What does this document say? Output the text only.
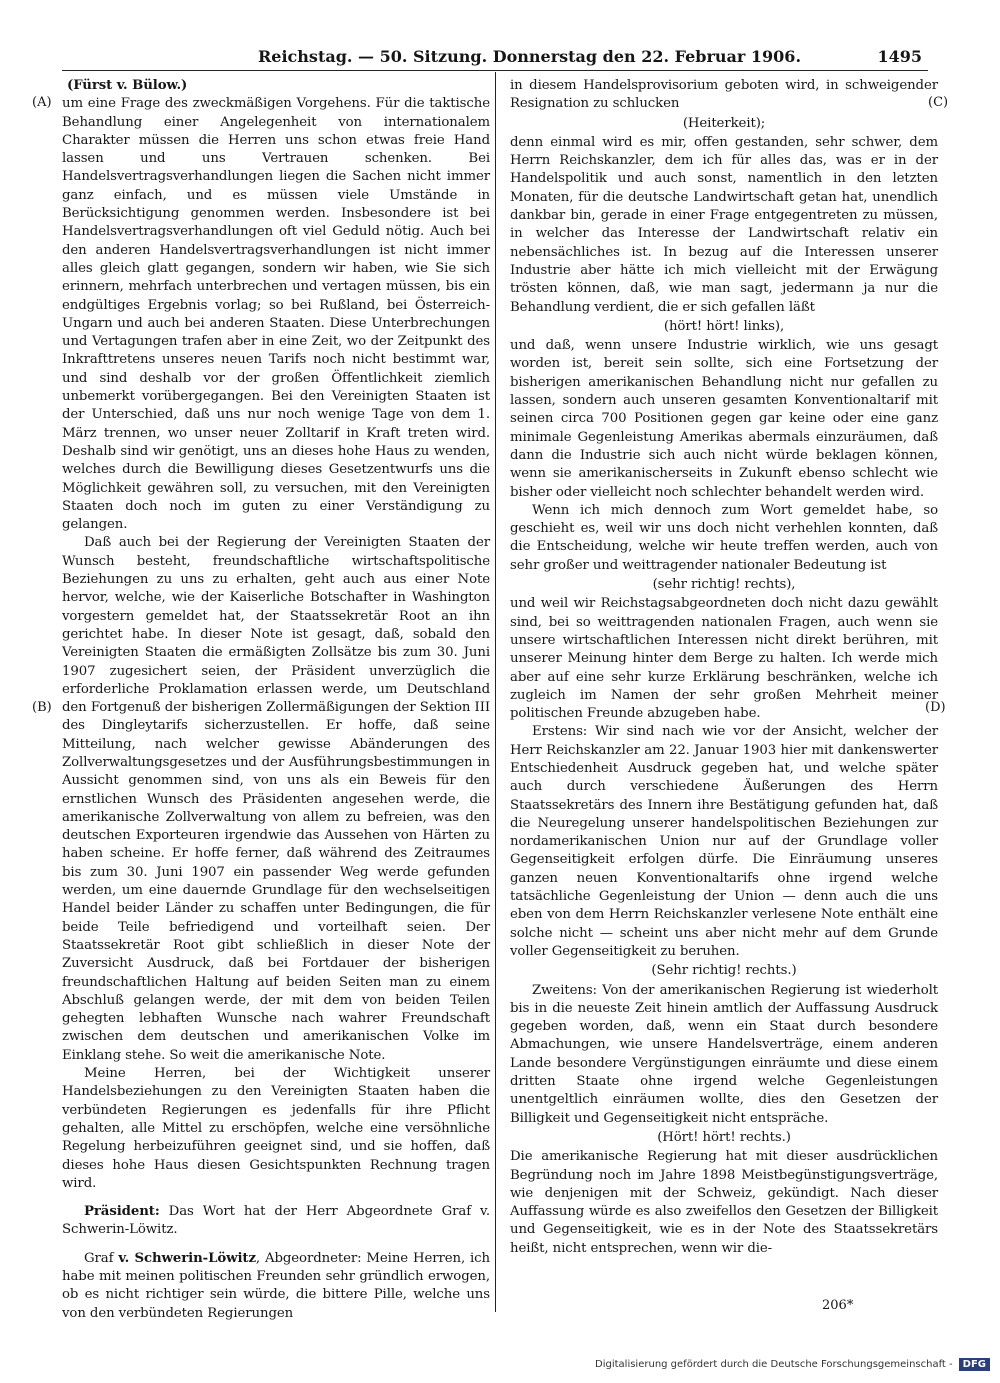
Reichstag. — 50. Sitzung. Donnerstag den 22. Februar 1906.	1495
(A)
(B)
(C)
(D)

(Fürst v. Bülow.)

um eine Frage des zweckmäßigen Vorgehens. Für die taktische Behandlung einer Angelegenheit von internationalem Charakter müssen die Herren uns schon etwas freie Hand lassen und uns Vertrauen schenken. Bei Handelsvertragsverhandlungen liegen die Sachen nicht immer ganz einfach, und es müssen viele Umstände in Berücksichtigung genommen werden. Insbesondere ist bei Handelsvertragsverhandlungen oft viel Geduld nötig. Auch bei den anderen Handelsvertragsverhandlungen ist nicht immer alles gleich glatt gegangen, sondern wir haben, wie Sie sich erinnern, mehrfach unterbrechen und vertagen müssen, bis ein endgültiges Ergebnis vorlag; so bei Rußland, bei Österreich-Ungarn und auch bei anderen Staaten. Diese Unterbrechungen und Vertagungen trafen aber in eine Zeit, wo der Zeitpunkt des Inkrafttretens unseres neuen Tarifs noch nicht bestimmt war, und sind deshalb vor der großen Öffentlichkeit ziemlich unbemerkt vorübergegangen. Bei den Vereinigten Staaten ist der Unterschied, daß uns nur noch wenige Tage von dem 1. März trennen, wo unser neuer Zolltarif in Kraft treten wird. Deshalb sind wir genötigt, uns an dieses hohe Haus zu wenden, welches durch die Bewilligung dieses Gesetzentwurfs uns die Möglichkeit gewähren soll, zu versuchen, mit den Vereinigten Staaten doch noch im guten zu einer Verständigung zu gelangen.

Daß auch bei der Regierung der Vereinigten Staaten der Wunsch besteht, freundschaftliche wirtschaftspolitische Beziehungen zu uns zu erhalten, geht auch aus einer Note hervor, welche, wie der Kaiserliche Botschafter in Washington vorgestern gemeldet hat, der Staatssekretär Root an ihn gerichtet habe. In dieser Note ist gesagt, daß, sobald den Vereinigten Staaten die ermäßigten Zollsätze bis zum 30. Juni 1907 zugesichert seien, der Präsident unverzüglich die erforderliche Proklamation erlassen werde, um Deutschland den Fortgenuß der bisherigen Zollermäßigungen der Sektion III des Dingleytarifs sicherzustellen. Er hoffe, daß seine Mitteilung, nach welcher gewisse Abänderungen des Zollverwaltungsgesetzes und der Ausführungsbestimmungen in Aussicht genommen sind, von uns als ein Beweis für den ernstlichen Wunsch des Präsidenten angesehen werde, die amerikanische Zollverwaltung von allem zu befreien, was den deutschen Exporteuren irgendwie das Aussehen von Härten zu haben scheine. Er hoffe ferner, daß während des Zeitraumes bis zum 30. Juni 1907 ein passender Weg werde gefunden werden, um eine dauernde Grundlage für den wechselseitigen Handel beider Länder zu schaffen unter Bedingungen, die für beide Teile befriedigend und vorteilhaft seien. Der Staatssekretär Root gibt schließlich in dieser Note der Zuversicht Ausdruck, daß bei Fortdauer der bisherigen freundschaftlichen Haltung auf beiden Seiten man zu einem Abschluß gelangen werde, der mit dem von beiden Teilen gehegten lebhaften Wunsche nach wahrer Freundschaft zwischen dem deutschen und amerikanischen Volke im Einklang stehe. So weit die amerikanische Note.

Meine Herren, bei der Wichtigkeit unserer Handelsbeziehungen zu den Vereinigten Staaten haben die verbündeten Regierungen es jedenfalls für ihre Pflicht gehalten, alle Mittel zu erschöpfen, welche eine versöhnliche Regelung herbeizuführen geeignet sind, und sie hoffen, daß dieses hohe Haus diesen Gesichtspunkten Rechnung tragen wird.

Präsident: Das Wort hat der Herr Abgeordnete Graf v. Schwerin-Löwitz.

Graf v. Schwerin-Löwitz, Abgeordneter: Meine Herren, ich habe mit meinen politischen Freunden sehr gründlich erwogen, ob es nicht richtiger sein würde, die bittere Pille, welche uns von den verbündeten Regierungen

in diesem Handelsprovisorium geboten wird, in schweigender Resignation zu schlucken

(Heiterkeit);

denn einmal wird es mir, offen gestanden, sehr schwer, dem Herrn Reichskanzler, dem ich für alles das, was er in der Handelspolitik und auch sonst, namentlich in den letzten Monaten, für die deutsche Landwirtschaft getan hat, unendlich dankbar bin, gerade in einer Frage entgegentreten zu müssen, in welcher das Interesse der Landwirtschaft relativ ein nebensächliches ist. In bezug auf die Interessen unserer Industrie aber hätte ich mich vielleicht mit der Erwägung trösten können, daß, wie man sagt, jedermann ja nur die Behandlung verdient, die er sich gefallen läßt

(hört! hört! links),

und daß, wenn unsere Industrie wirklich, wie uns gesagt worden ist, bereit sein sollte, sich eine Fortsetzung der bisherigen amerikanischen Behandlung nicht nur gefallen zu lassen, sondern auch unseren gesamten Konventionaltarif mit seinen circa 700 Positionen gegen gar keine oder eine ganz minimale Gegenleistung Amerikas abermals einzuräumen, daß dann die Industrie sich auch nicht würde beklagen können, wenn sie amerikanischerseits in Zukunft ebenso schlecht wie bisher oder vielleicht noch schlechter behandelt werden wird.

Wenn ich mich dennoch zum Wort gemeldet habe, so geschieht es, weil wir uns doch nicht verhehlen konnten, daß die Entscheidung, welche wir heute treffen werden, auch von sehr großer und weittragender nationaler Bedeutung ist

(sehr richtig! rechts),

und weil wir Reichstagsabgeordneten doch nicht dazu gewählt sind, bei so weittragenden nationalen Fragen, auch wenn sie unsere wirtschaftlichen Interessen nicht direkt berühren, mit unserer Meinung hinter dem Berge zu halten. Ich werde mich aber auf eine sehr kurze Erklärung beschränken, welche ich zugleich im Namen der sehr großen Mehrheit meiner politischen Freunde abzugeben habe.

Erstens: Wir sind nach wie vor der Ansicht, welcher der Herr Reichskanzler am 22. Januar 1903 hier mit dankenswerter Entschiedenheit Ausdruck gegeben hat, und welche später auch durch verschiedene Äußerungen des Herrn Staatssekretärs des Innern ihre Bestätigung gefunden hat, daß die Neuregelung unserer handelspolitischen Beziehungen zur nordamerikanischen Union nur auf der Grundlage voller Gegenseitigkeit erfolgen dürfe. Die Einräumung unseres ganzen neuen Konventionaltarifs ohne irgend welche tatsächliche Gegenleistung der Union — denn auch die uns eben von dem Herrn Reichskanzler verlesene Note enthält eine solche nicht — scheint uns aber nicht mehr auf dem Grunde voller Gegenseitigkeit zu beruhen.

(Sehr richtig! rechts.)

Zweitens: Von der amerikanischen Regierung ist wiederholt bis in die neueste Zeit hinein amtlich der Auffassung Ausdruck gegeben worden, daß, wenn ein Staat durch besondere Abmachungen, wie unsere Handelsverträge, einem anderen Lande besondere Vergünstigungen einräumte und diese einem dritten Staate ohne irgend welche Gegenleistungen unentgeltlich einräumen wollte, dies den Gesetzen der Billigkeit und Gegenseitigkeit nicht entspräche.

(Hört! hört! rechts.)

Die amerikanische Regierung hat mit dieser ausdrücklichen Begründung noch im Jahre 1898 Meistbegünstigungsverträge, wie denjenigen mit der Schweiz, gekündigt. Nach dieser Auffassung würde es also zweifellos den Gesetzen der Billigkeit und Gegenseitigkeit, wie es in der Note des Staatssekretärs heißt, nicht entsprechen, wenn wir die-

206*
Digitalisierung gefördert durch die Deutsche Forschungsgemeinschaft -	DFG
